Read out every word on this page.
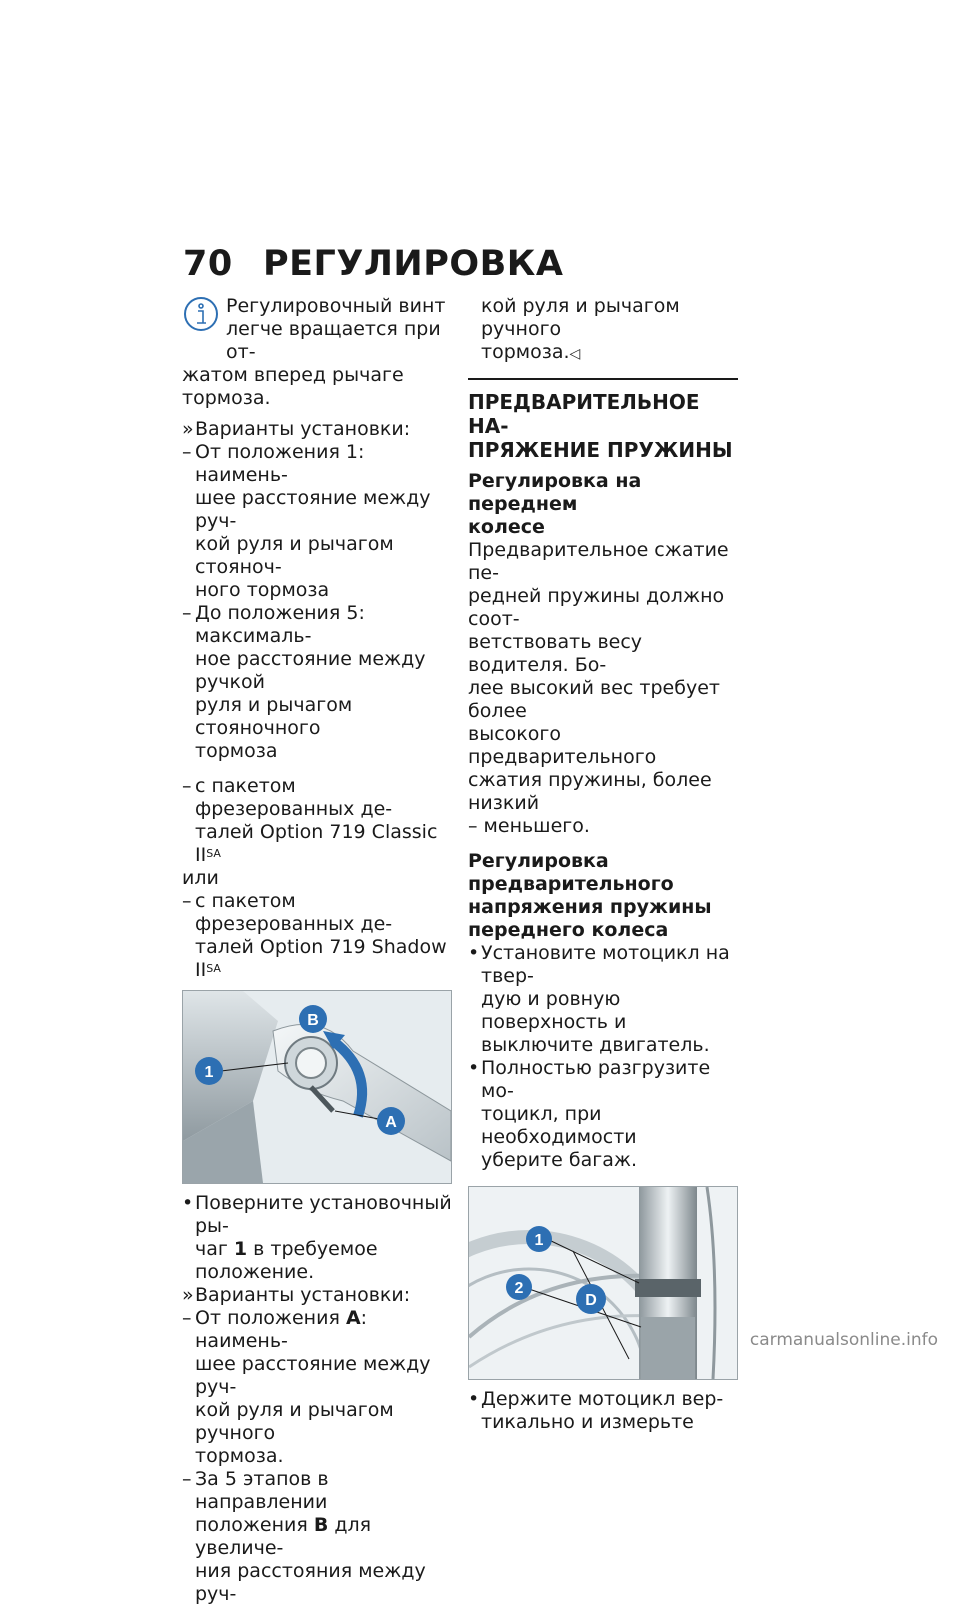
70 РЕГУЛИРОВКА

Регулировочный винт

легче вращается при от-

жатом вперед рычаге тормоза.

» Варианты установки:
– От положения 1: наимень-

шее расстояние между руч-

кой руля и рычагом стояноч-

ного тормоза

– До положения 5: максималь-

ное расстояние между ручкой

руля и рычагом стояночного

тормоза

– с пакетом фрезерованных де-

талей Option 719 Classic $II^{SA}$

или

– с пакетом фрезерованных де-

талей Option 719 Shadow $II^{SA}$

1
B
A
• Поверните установочный ры-

чаг 1 в требуемое положение.

» Варианты установки:
– От положения A: наимень-

шее расстояние между руч-

кой руля и рычагом ручного

тормоза.

– За 5 этапов в направлении

положения B для увеличе-

ния расстояния между руч-

кой руля и рычагом ручного

тормоза.◁

ПРЕДВАРИТЕЛЬНОЕ НА-

ПРЯЖЕНИЕ ПРУЖИНЫ

Регулировка на переднем

колесе

Предварительное сжатие пе-

редней пружины должно соот-

ветствовать весу водителя. Бо-

лее высокий вес требует более

высокого предварительного

сжатия пружины, более низкий

– меньшего.

Регулировка

предварительного

напряжения пружины

переднего колеса

• Установите мотоцикл на твер-

дую и ровную поверхность и

выключите двигатель.

• Полностью разгрузите мо-

тоцикл, при необходимости

уберите багаж.

1
2
D
• Держите мотоцикл вер-

тикально и измерьте

carmanualsonline.info
